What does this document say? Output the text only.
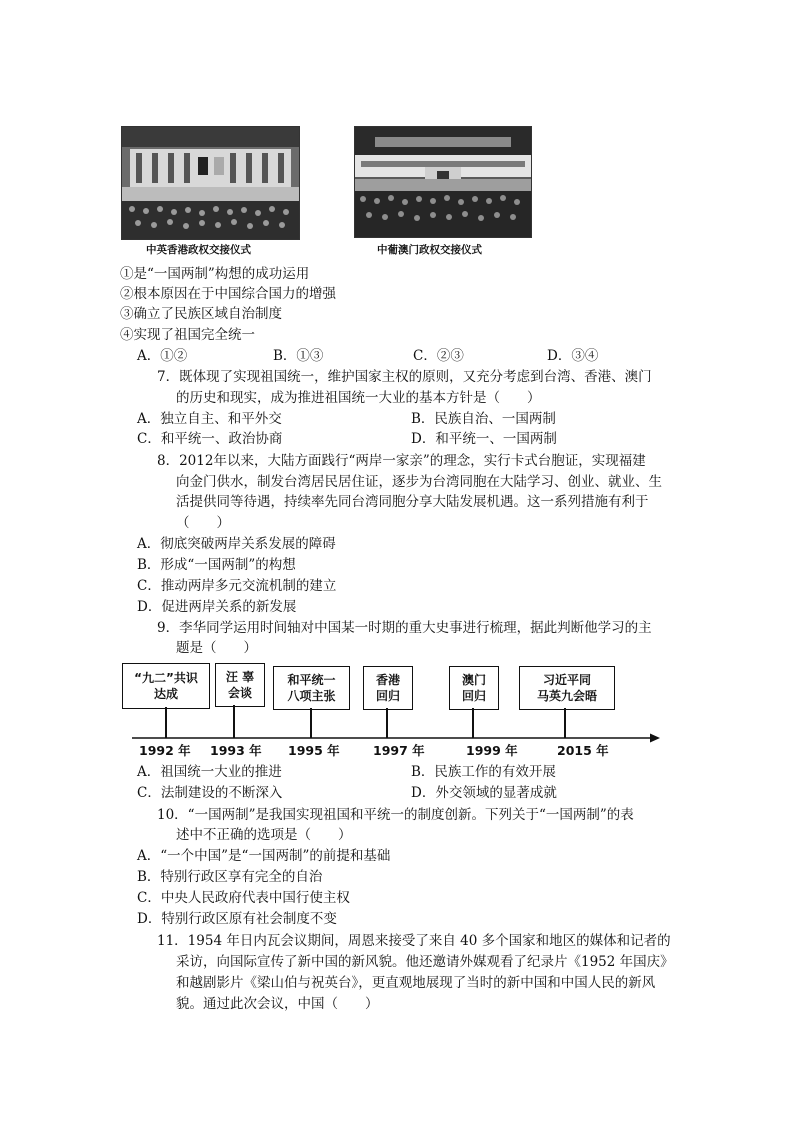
中英香港政权交接仪式	中葡澳门政权交接仪式
①是“一国两制”构想的成功运用
②根本原因在于中国综合国力的增强
③确立了民族区域自治制度
④实现了祖国完全统一
A．①②	B．①③	C．②③	D．③④
7．既体现了实现祖国统一，维护国家主权的原则，又充分考虑到台湾、香港、澳门
的历史和现实，成为推进祖国统一大业的基本方针是（　　）
A．独立自主、和平外交	B．民族自治、一国两制
C．和平统一、政治协商	D．和平统一、一国两制
8．2012年以来，大陆方面践行“两岸一家亲”的理念，实行卡式台胞证，实现福建
向金门供水，制发台湾居民居住证，逐步为台湾同胞在大陆学习、创业、就业、生
活提供同等待遇，持续率先同台湾同胞分享大陆发展机遇。这一系列措施有利于
（　　）
A．彻底突破两岸关系发展的障碍
B．形成“一国两制”的构想
C．推动两岸多元交流机制的建立
D．促进两岸关系的新发展
9．李华同学运用时间轴对中国某一时期的重大史事进行梳理，据此判断他学习的主
题是（　　）
“九二”共识
达成
汪 辜
会谈
和平统一
八项主张
香港
回归
澳门
回归
习近平同
马英九会晤
1992 年 1993 年 1995 年	1997 年	1999 年	2015 年
A．祖国统一大业的推进	B．民族工作的有效开展
C．法制建设的不断深入	D．外交领域的显著成就
10．“一国两制”是我国实现祖国和平统一的制度创新。下列关于“一国两制”的表
述中不正确的选项是（　　）
A．“一个中国”是“一国两制”的前提和基础
B．特别行政区享有完全的自治
C．中央人民政府代表中国行使主权
D．特别行政区原有社会制度不变
11．1954 年日内瓦会议期间，周恩来接受了来自 40 多个国家和地区的媒体和记者的
采访，向国际宣传了新中国的新风貌。他还邀请外媒观看了纪录片《1952 年国庆》
和越剧影片《梁山伯与祝英台》，更直观地展现了当时的新中国和中国人民的新风
貌。通过此次会议，中国（　　）
